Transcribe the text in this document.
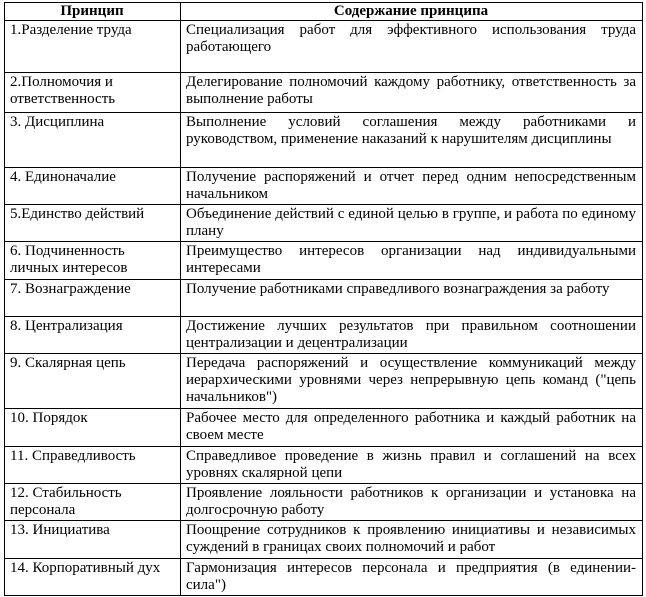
Принцип	Содержание принципа
1.Разделение труда	Специализация работ для эффективного использования труда работающего
2.Полномочия и ответственность	Делегирование полномочий каждому работнику, ответственность за выполнение работы
3. Дисциплина	Выполнение условий соглашения между работниками и руководством, применение наказаний к нарушителям дисциплины
4. Единоначалие	Получение распоряжений и отчет перед одним непосредственным начальником
5.Единство действий	Объединение действий с единой целью в группе, и работа по единому плану
6. Подчиненность личных интересов	Преимущество интересов организации над индивидуальными интересами
7. Вознаграждение	Получение работниками справедливого вознаграждения за работу
8. Централизация	Достижение лучших результатов при правильном соотношении централизации и децентрализации
9. Скалярная цепь	Передача распоряжений и осуществление коммуникаций между иерархическими уровнями через непрерывную цепь команд ("цепь начальников")
10. Порядок	Рабочее место для определенного работника и каждый работник на своем месте
11. Справедливость	Справедливое проведение в жизнь правил и соглашений на всех уровнях скалярной цепи
12. Стабильность персонала	Проявление лояльности работников к организации и установка на долгосрочную работу
13. Инициатива	Поощрение сотрудников к проявлению инициативы и независимых суждений в границах своих полномочий и работ
14. Корпоративный дух	Гармонизация интересов персонала и предприятия (в единении-сила")
